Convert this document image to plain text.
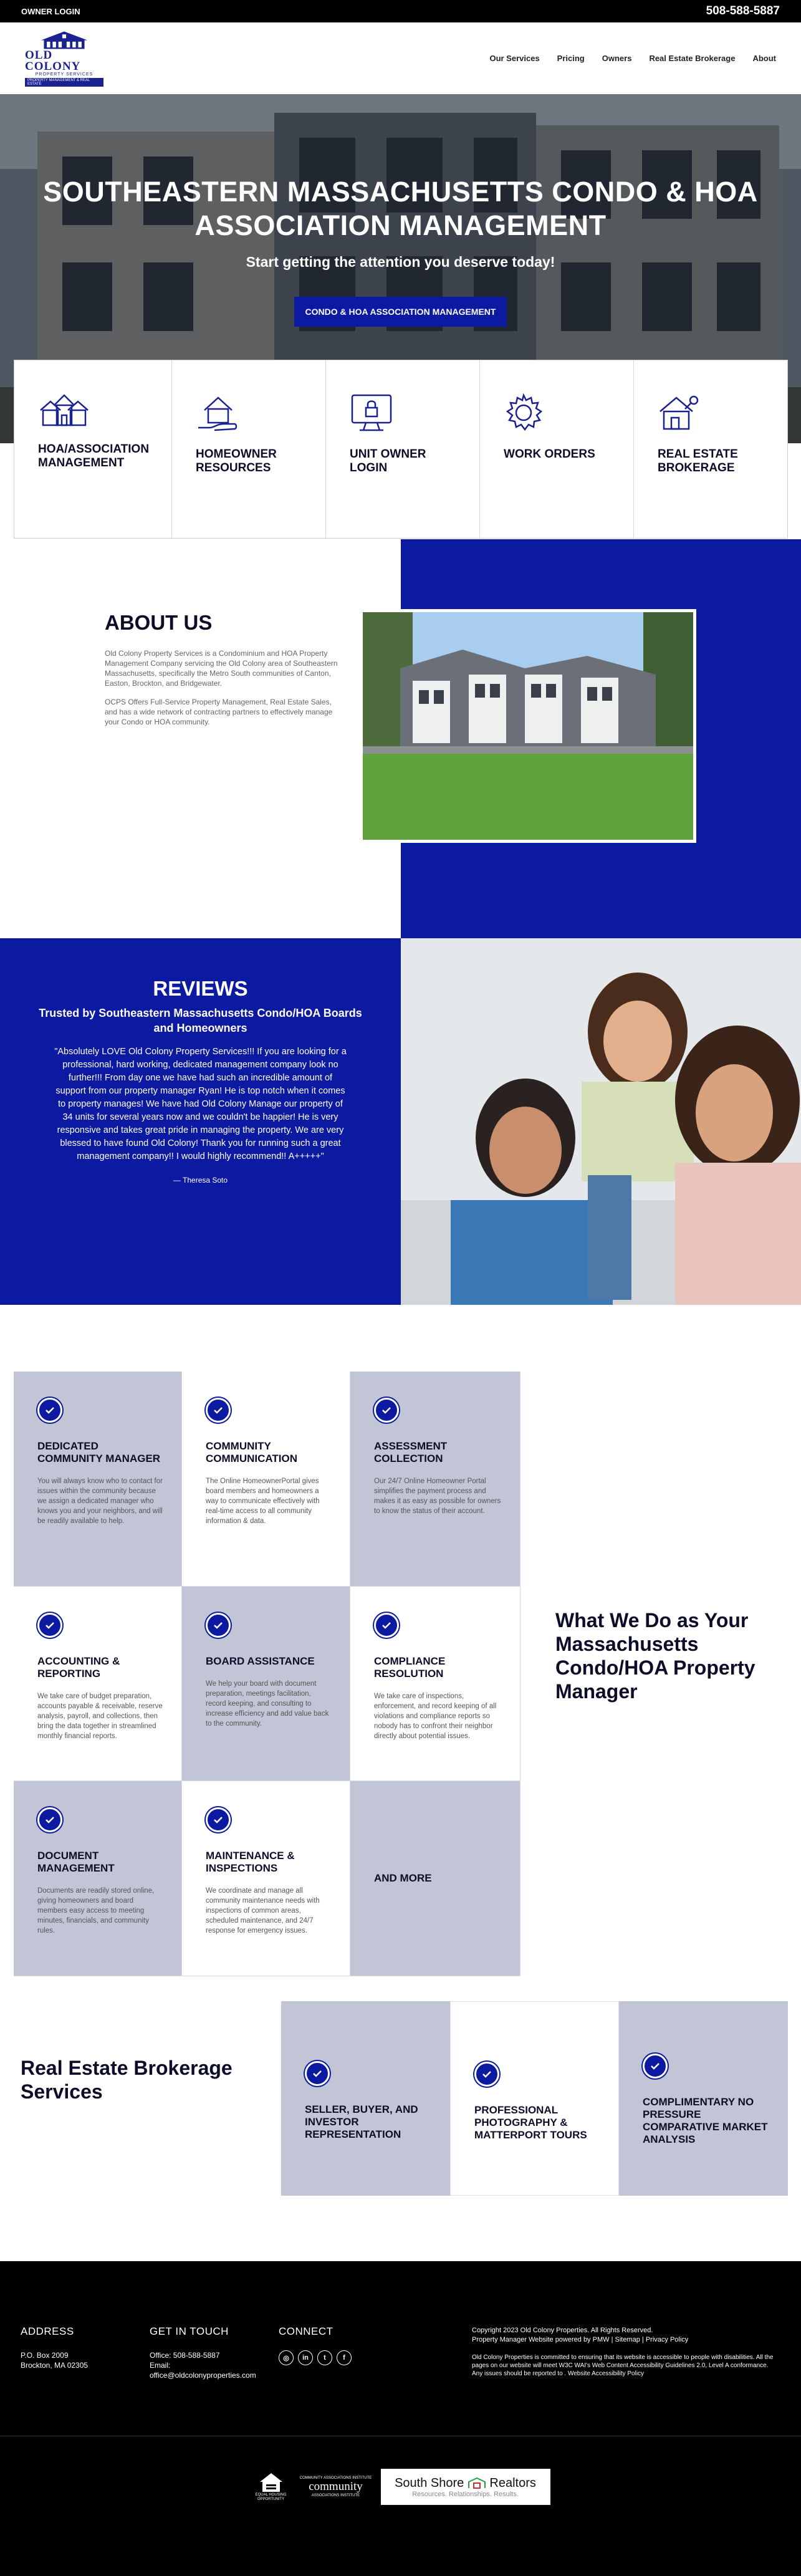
OWNER LOGIN	508-588-5887
OLD COLONY
PROPERTY SERVICES
PROPERTY MANAGEMENT & REAL ESTATE
Our Services Pricing Owners Real Estate Brokerage About
SOUTHEASTERN MASSACHUSETTS CONDO & HOA ASSOCIATION MANAGEMENT
Start getting the attention you deserve today!
CONDO & HOA ASSOCIATION MANAGEMENT
HOA/ASSOCIATION MANAGEMENT
HOMEOWNER RESOURCES
UNIT OWNER LOGIN
WORK ORDERS	REAL ESTATE BROKERAGE
ABOUT US

Old Colony Property Services is a Condominium and HOA Property Management Company servicing the Old Colony area of Southeastern Massachusetts, specifically the Metro South communities of Canton, Easton, Brockton, and Bridgewater.

OCPS Offers Full-Service Property Management, Real Estate Sales, and has a wide network of contracting partners to effectively manage your Condo or HOA community.

REVIEWS
Trusted by Southeastern Massachusetts Condo/HOA Boards and Homeowners
"Absolutely LOVE Old Colony Property Services!!! If you are looking for a professional, hard working, dedicated management company look no further!!! From day one we have had such an incredible amount of support from our property manager Ryan! He is top notch when it comes to property manages! We have had Old Colony Manage our property of 34 units for several years now and we couldn't be happier! He is very responsive and takes great pride in managing the property. We are very blessed to have found Old Colony! Thank you for running such a great management company!! I would highly recommend!! A+++++"
— Theresa Soto
DEDICATED COMMUNITY MANAGER

You will always know who to contact for issues within the community because we assign a dedicated manager who knows you and your neighbors, and will be readily available to help.

COMMUNITY COMMUNICATION

The Online HomeownerPortal gives board members and homeowners a way to communicate effectively with real-time access to all community information & data.

ASSESSMENT COLLECTION

Our 24/7 Online Homeowner Portal simplifies the payment process and makes it as easy as possible for owners to know the status of their account.

ACCOUNTING & REPORTING

We take care of budget preparation, accounts payable & receivable, reserve analysis, payroll, and collections, then bring the data together in streamlined monthly financial reports.

BOARD ASSISTANCE

We help your board with document preparation, meetings facilitation, record keeping, and consulting to increase efficiency and add value back to the community.

COMPLIANCE RESOLUTION

We take care of inspections, enforcement, and record keeping of all violations and compliance reports so nobody has to confront their neighbor directly about potential issues.

DOCUMENT MANAGEMENT

Documents are readily stored online, giving homeowners and board members easy access to meeting minutes, financials, and community rules.

MAINTENANCE & INSPECTIONS

We coordinate and manage all community maintenance needs with inspections of common areas, scheduled maintenance, and 24/7 response for emergency issues.

AND MORE
What We Do as Your Massachusetts Condo/HOA Property Manager
Real Estate Brokerage Services
SELLER, BUYER, AND INVESTOR REPRESENTATION
PROFESSIONAL PHOTOGRAPHY & MATTERPORT TOURS
COMPLIMENTARY NO PRESSURE COMPARATIVE MARKET ANALYSIS
ADDRESS

P.O. Box 2009

Brockton, MA 02305

GET IN TOUCH

Office: 508-588-5887

Email:

office@oldcolonyproperties.com

CONNECT
◎	in	t	f
Copyright 2023 Old Colony Properties. All Rights Reserved.
Property Manager Website powered by PMW | Sitemap | Privacy Policy
Old Colony Properties is committed to ensuring that its website is accessible to people with disabilities. All the pages on our website will meet W3C WAI's Web Content Accessibility Guidelines 2.0, Level A conformance. Any issues should be reported to . Website Accessibility Policy
EQUAL HOUSING OPPORTUNITY
COMMUNITY ASSOCIATIONS INSTITUTE
community
ASSOCIATIONS INSTITUTE
South Shore Realtors
Resources. Relationships. Results.
